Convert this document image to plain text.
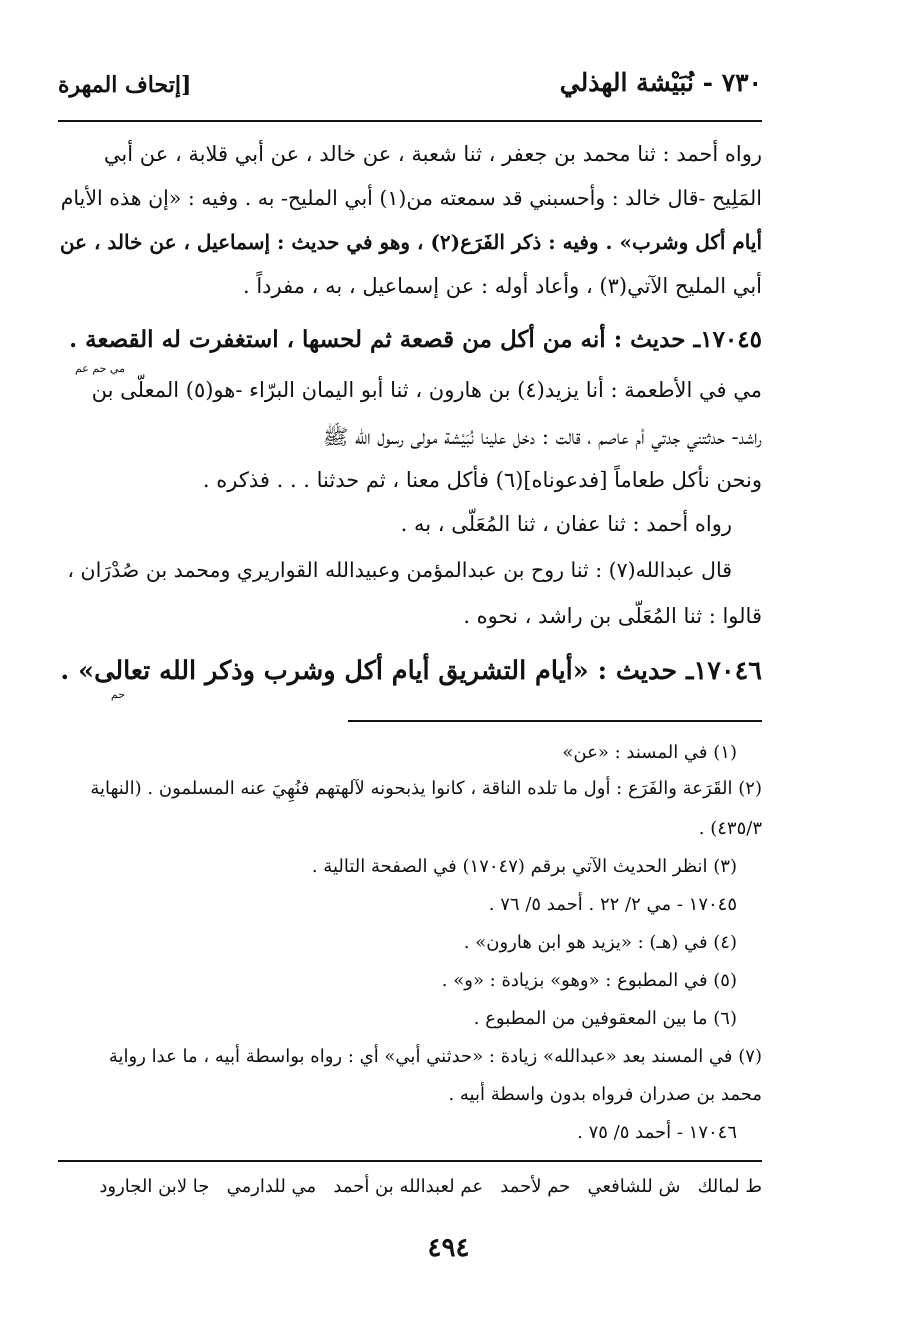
٧٣٠ - نُبَيْشة الهذلي
[إتحاف المهرة
رواه أحمد : ثنا محمد بن جعفر ، ثنا شعبة ، عن خالد ، عن أبي قلابة ، عن أبي
المَلِيح -قال خالد : وأحسبني قد سمعته من(١) أبي المليح- به . وفيه : «إن هذه الأيام
أيام أكل وشرب» . وفيه : ذكر الفَرَع(٢) ، وهو في حديث : إسماعيل ، عن خالد ، عن
أبي المليح الآتي(٣) ، وأعاد أوله : عن إسماعيل ، به ، مفرداً .
١٧٠٤٥ـ حديث : أنه من أكل من قصعة ثم لحسها ، استغفرت له القصعة .
مي حم عم
مي في الأطعمة : أنا يزيد(٤) بن هارون ، ثنا أبو اليمان البرّاء -هو(٥) المعلّى بن
راشد- حدثتني جدتي أم عاصم ، قالت : دخل علينا نُبَيْشة مولى رسول الله ﷺ
ونحن نأكل طعاماً [فدعوناه](٦) فأكل معنا ، ثم حدثنا . . . فذكره .
رواه أحمد : ثنا عفان ، ثنا المُعَلّى ، به .
قال عبدالله(٧) : ثنا روح بن عبدالمؤمن وعبيدالله القواريري ومحمد بن صُدْرَان ،
قالوا : ثنا المُعَلّى بن راشد ، نحوه .
١٧٠٤٦ـ حديث : «أيام التشريق أيام أكل وشرب وذكر الله تعالى» .
حم
(١) في المسند : «عن»
(٢) القَرَعة والفَرَع : أول ما تلده الناقة ، كانوا يذبحونه لآلهتهم فنُهِيَ عنه المسلمون . (النهاية
٤٣٥/٣) .
(٣) انظر الحديث الآتي برقم (١٧٠٤٧) في الصفحة التالية .
١٧٠٤٥ - مي ٢/ ٢٢ . أحمد ٥/ ٧٦ .
(٤) في (هـ) : «يزيد هو ابن هارون» .
(٥) في المطبوع : «وهو» بزيادة : «و» .
(٦) ما بين المعقوفين من المطبوع .
(٧) في المسند بعد «عبدالله» زيادة : «حدثني أبي» أي : رواه بواسطة أبيه ، ما عدا رواية
محمد بن صدران فرواه بدون واسطة أبيه .
١٧٠٤٦ - أحمد ٥/ ٧٥ .
ط لمالك   ش للشافعي   حم لأحمد   عم لعبدالله بن أحمد   مي للدارمي   جا لابن الجارود
٤٩٤
